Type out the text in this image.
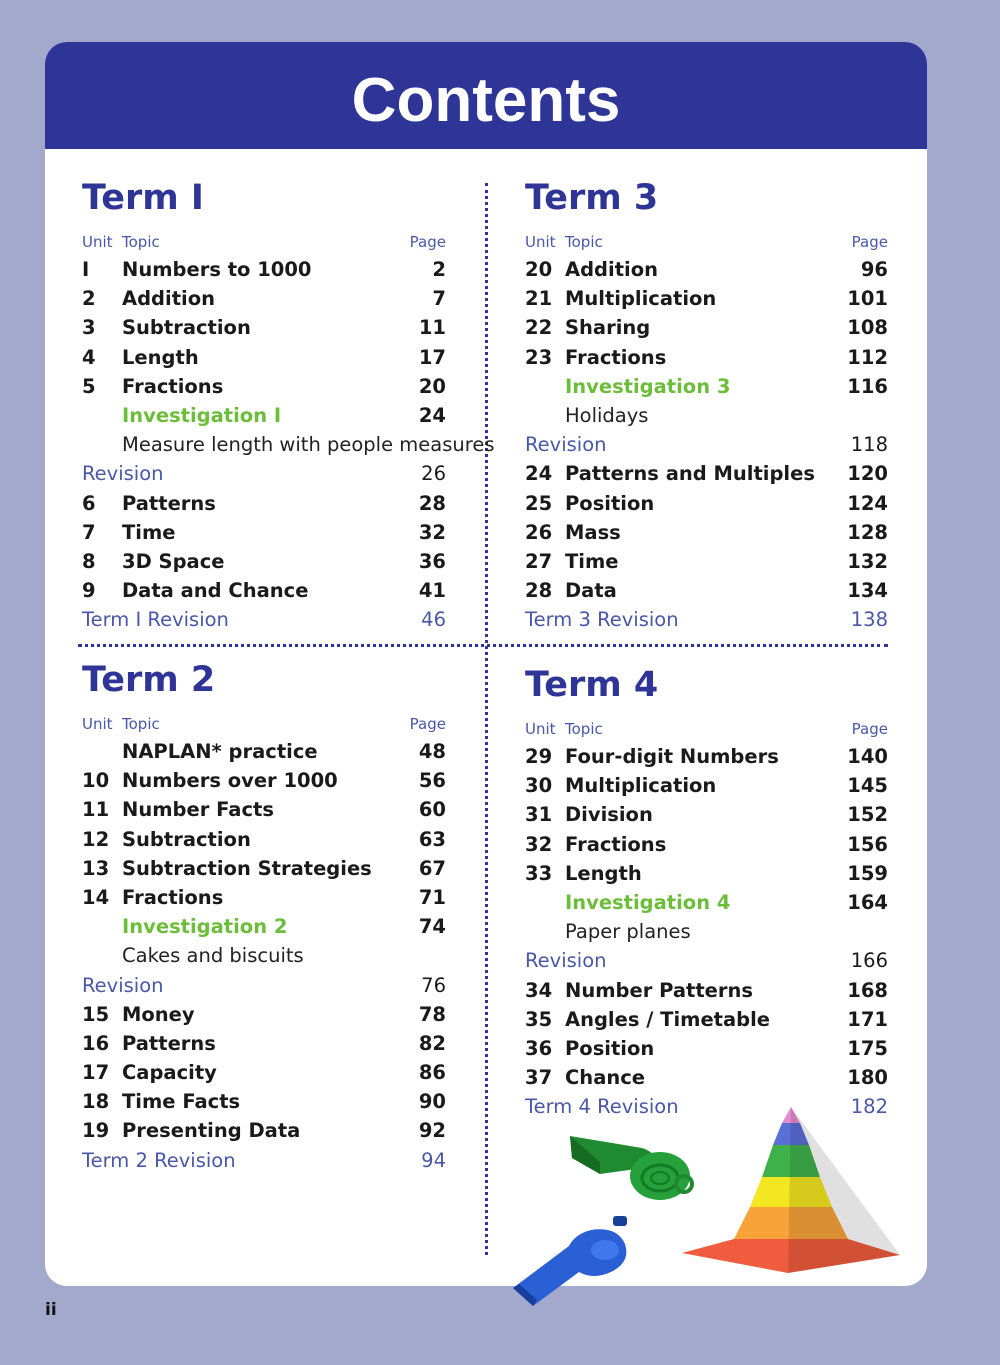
Contents
Term I
Unit Topic	Page
I Numbers to 1000	2
2 Addition	7
3 Subtraction	11
4 Length	17
5 Fractions	20
Investigation I	24
Measure length with people measures
Revision	26
6 Patterns	28
7 Time	32
8 3D Space	36
9 Data and Chance	41
Term I Revision	46
Term 2
Unit Topic	Page
NAPLAN* practice	48
10 Numbers over 1000	56
11 Number Facts	60
12 Subtraction	63
13 Subtraction Strategies 67
14 Fractions	71
Investigation 2	74
Cakes and biscuits
Revision	76
15 Money	78
16 Patterns	82
17 Capacity	86
18 Time Facts	90
19 Presenting Data	92
Term 2 Revision	94
Term 3
Unit Topic	Page
20 Addition	96
21 Multiplication	101
22 Sharing	108
23 Fractions	112
Investigation 3	116
Holidays
Revision	118
24 Patterns and Multiples 120
25 Position	124
26 Mass	128
27 Time	132
28 Data	134
Term 3 Revision	138
Term 4
Unit Topic	Page
29 Four-digit Numbers	140
30 Multiplication	145
31 Division	152
32 Fractions	156
33 Length	159
Investigation 4	164
Paper planes
Revision	166
34 Number Patterns	168
35 Angles / Timetable	171
36 Position	175
37 Chance	180
Term 4 Revision	182
ii
